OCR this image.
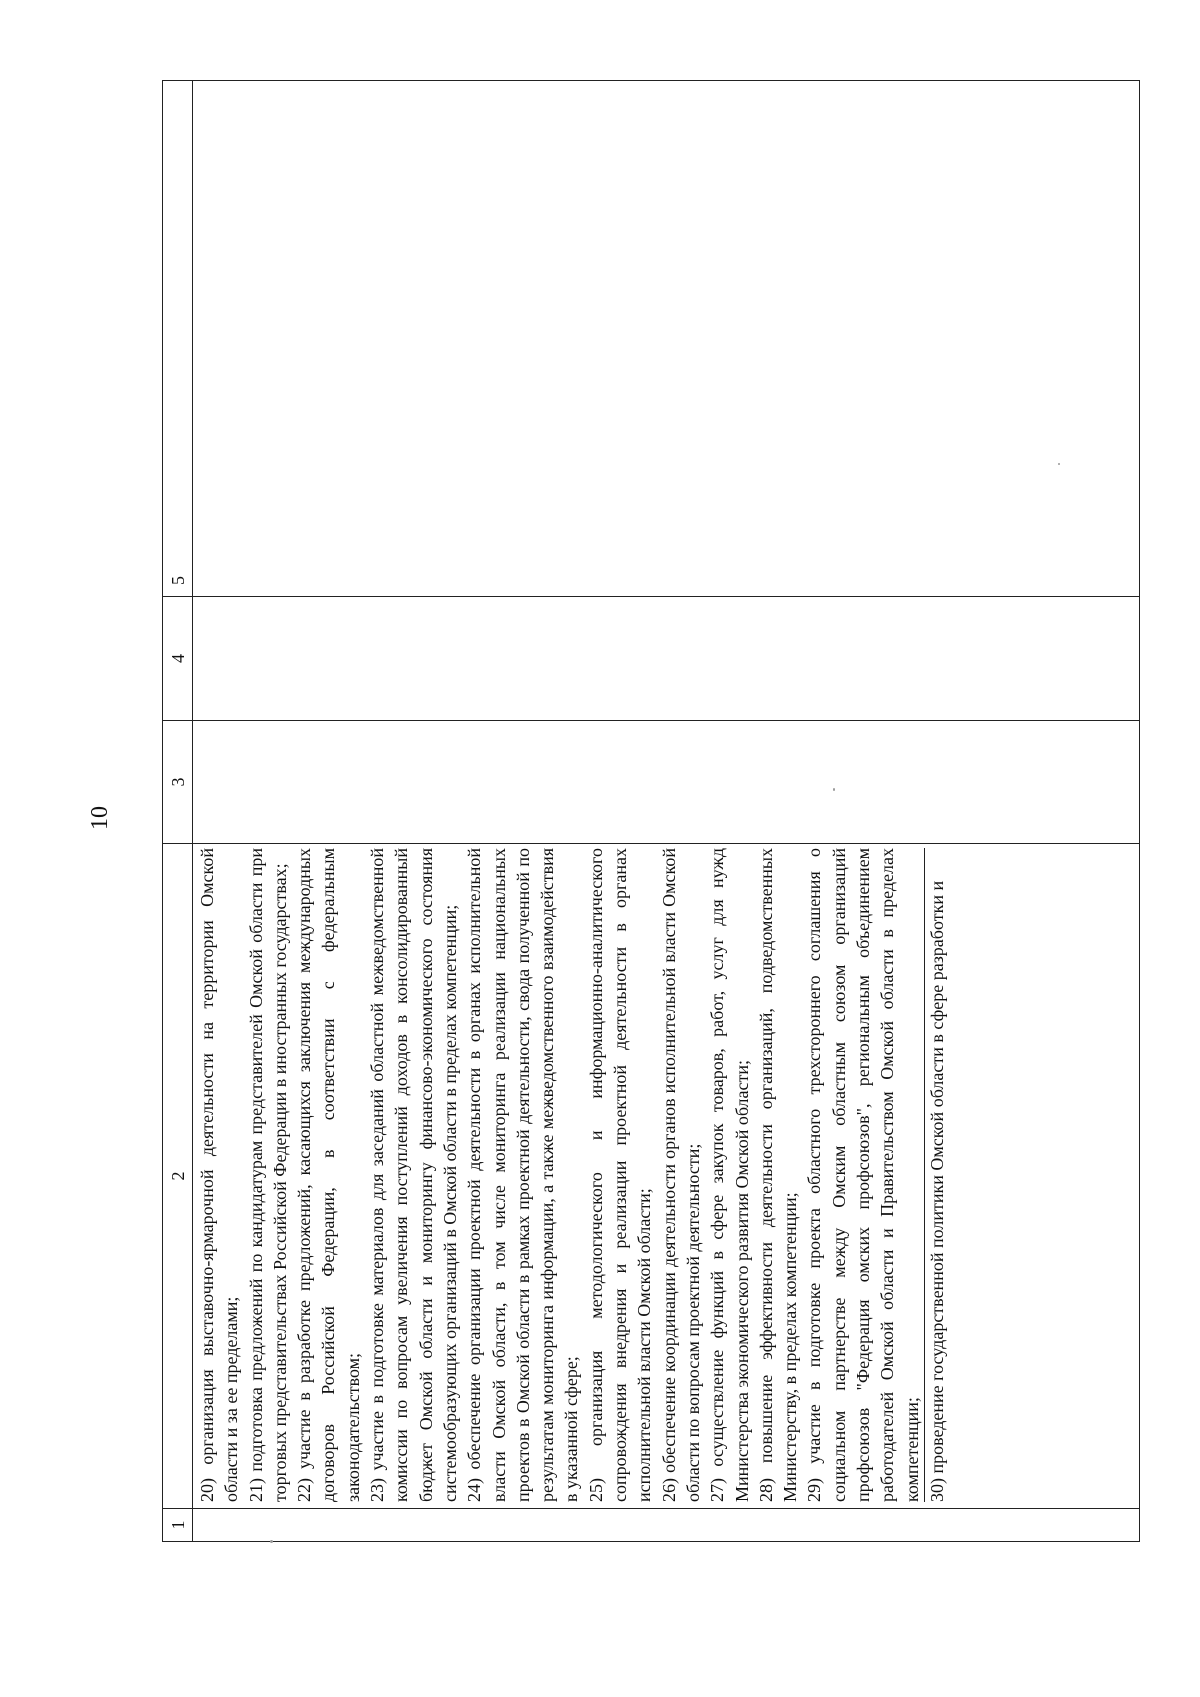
10
1
2
3
4
5

20) организация выставочно-ярмарочной деятельности на территории Омской области и за ее пределами; 21) подготовка предложений по кандидатурам представителей Омской области при торговых представительствах Российской Федерации в иностранных государствах; 22) участие в разработке предложений, касающихся заключения международных договоров Российской Федерации, в соответствии с федеральным законодательством; 23) участие в подготовке материалов для заседаний областной межведомственной комиссии по вопросам увеличения поступлений доходов в консолидированный бюджет Омской области и мониторингу финансово-экономического состояния системообразующих организаций в Омской области в пределах компетенции; 24) обеспечение организации проектной деятельности в органах исполнительной власти Омской области, в том числе мониторинга реализации национальных проектов в Омской области в рамках проектной деятельности, свода полученной по результатам мониторинга информации, а также межведомственного взаимодействия в указанной сфере; 25) организация методологического и информационно-аналитического сопровождения внедрения и реализации проектной деятельности в органах исполнительной власти Омской области; 26) обеспечение координации деятельности органов исполнительной власти Омской области по вопросам проектной деятельности; 27) осуществление функций в сфере закупок товаров, работ, услуг для нужд Министерства экономического развития Омской области; 28) повышение эффективности деятельности организаций, подведомственных Министерству, в пределах компетенции; 29) участие в подготовке проекта областного трехстороннего соглашения о социальном партнерстве между Омским областным союзом организаций профсоюзов "Федерация омских профсоюзов", региональным объединением работодателей Омской области и Правительством Омской области в пределах компетенции; 30) проведение государственной политики Омской области в сфере разработки и
